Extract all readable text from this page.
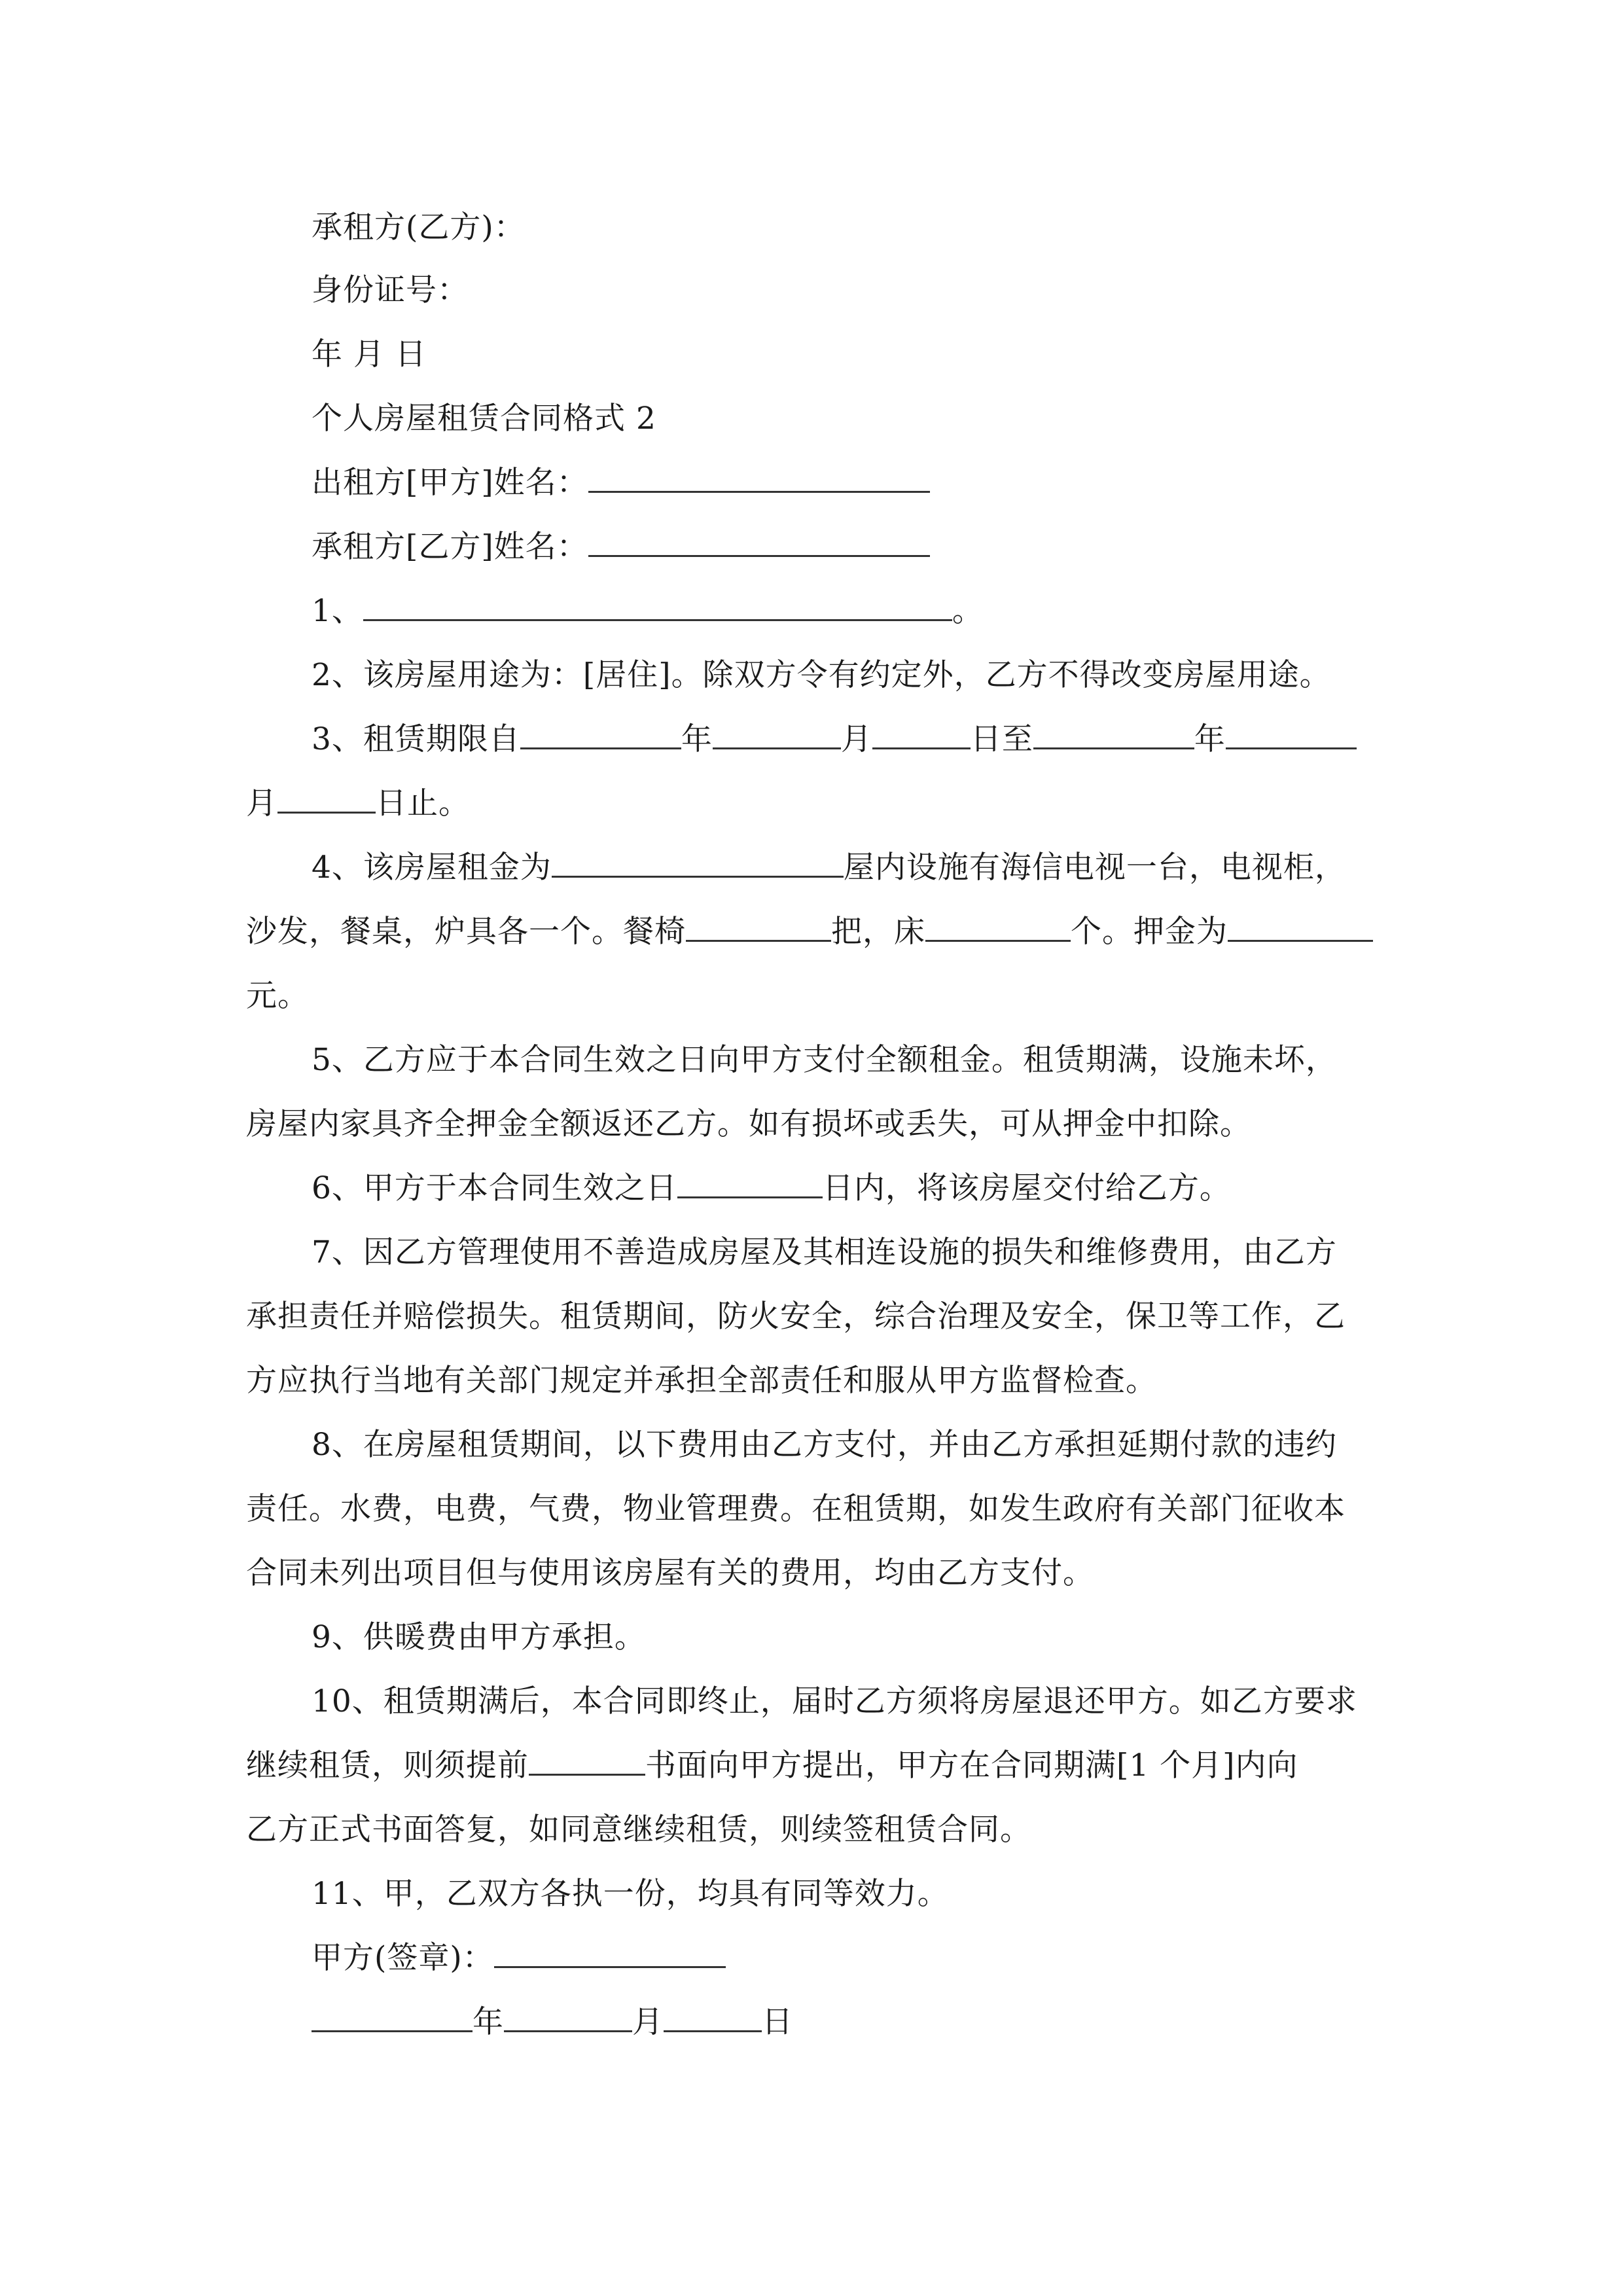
承租方(乙方)：
身份证号：
年 月 日
个人房屋租赁合同格式 2
出租方[甲方]姓名：
承租方[乙方]姓名：
1、	。
2、该房屋用途为：[居住]。除双方令有约定外，乙方不得改变房屋用途。
3、租赁期限自	年	月	日至	年
月	日止。
4、该房屋租金为	屋内设施有海信电视一台，电视柜，
沙发，餐桌，炉具各一个。餐椅	把，床	个。押金为
元。
5、乙方应于本合同生效之日向甲方支付全额租金。租赁期满，设施未坏，
房屋内家具齐全押金全额返还乙方。如有损坏或丢失，可从押金中扣除。
6、甲方于本合同生效之日	日内，将该房屋交付给乙方。
7、因乙方管理使用不善造成房屋及其相连设施的损失和维修费用，由乙方
承担责任并赔偿损失。租赁期间，防火安全，综合治理及安全，保卫等工作，乙
方应执行当地有关部门规定并承担全部责任和服从甲方监督检查。
8、在房屋租赁期间，以下费用由乙方支付，并由乙方承担延期付款的违约
责任。水费，电费，气费，物业管理费。在租赁期，如发生政府有关部门征收本
合同未列出项目但与使用该房屋有关的费用，均由乙方支付。
9、供暖费由甲方承担。
10、租赁期满后，本合同即终止，届时乙方须将房屋退还甲方。如乙方要求
继续租赁，则须提前	书面向甲方提出，甲方在合同期满[1 个月]内向
乙方正式书面答复，如同意继续租赁，则续签租赁合同。
11、甲，乙双方各执一份，均具有同等效力。
甲方(签章)：
年	月	日
